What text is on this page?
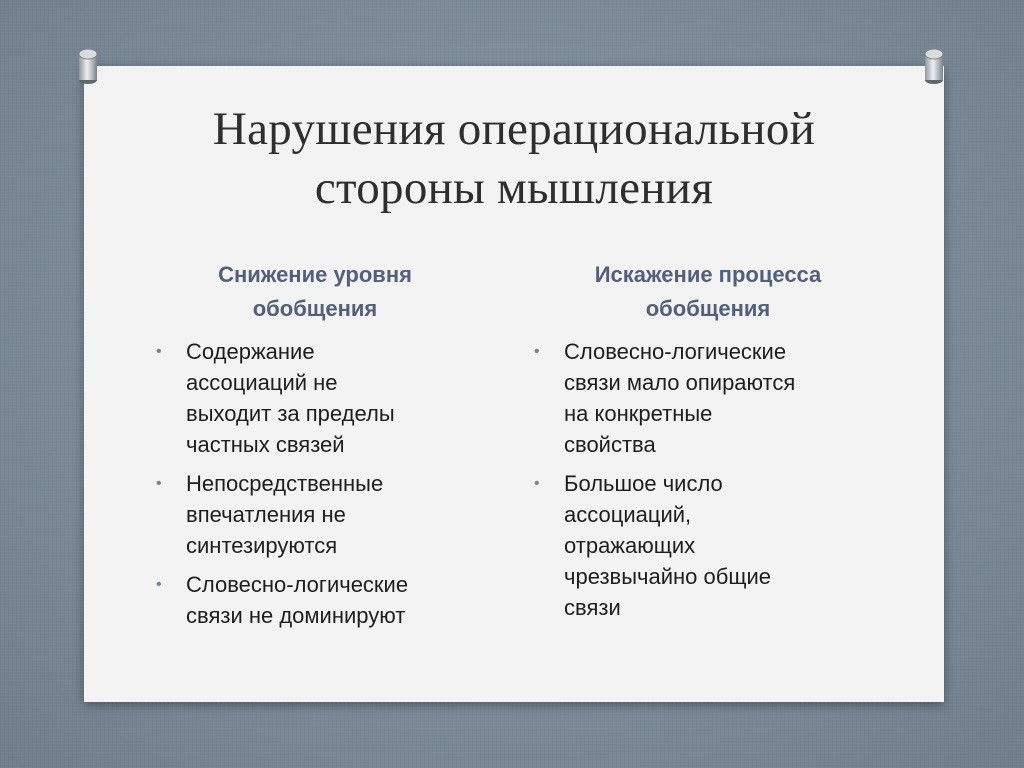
Нарушения операциональной
стороны мышления
Снижение уровня
обобщения
• Содержание
ассоциаций не
выходит за пределы
частных связей
• Непосредственные
впечатления не
синтезируются
• Словесно-логические
связи не доминируют
Искажение процесса
обобщения
• Словесно-логические
связи мало опираются
на конкретные
свойства
• Большое число
ассоциаций,
отражающих
чрезвычайно общие
связи
